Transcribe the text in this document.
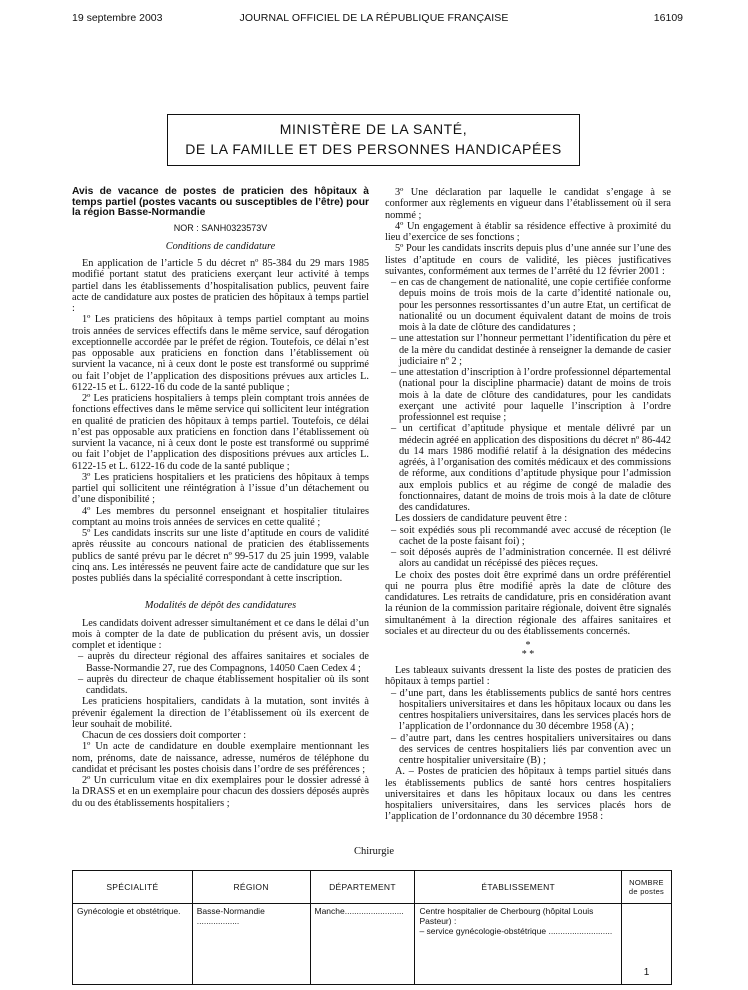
19 septembre 2003	JOURNAL OFFICIEL DE LA RÉPUBLIQUE FRANÇAISE	16109
MINISTÈRE DE LA SANTÉ,
DE LA FAMILLE ET DES PERSONNES HANDICAPÉES
Avis de vacance de postes de praticien des hôpitaux à temps partiel (postes vacants ou susceptibles de l’être) pour la région Basse-Normandie
NOR : SANH0323573V
Conditions de candidature

En application de l’article 5 du décret nº 85-384 du 29 mars 1985 modifié portant statut des praticiens exerçant leur activité à temps partiel dans les établissements d’hospitalisation publics, peuvent faire acte de candidature aux postes de praticien des hôpitaux à temps partiel :

1º Les praticiens des hôpitaux à temps partiel comptant au moins trois années de services effectifs dans le même service, sauf dérogation exceptionnelle accordée par le préfet de région. Toutefois, ce délai n’est pas opposable aux praticiens en fonction dans l’établissement où survient la vacance, ni à ceux dont le poste est transformé ou supprimé ou fait l’objet de l’application des dispositions prévues aux articles L. 6122-15 et L. 6122-16 du code de la santé publique ;

2º Les praticiens hospitaliers à temps plein comptant trois années de fonctions effectives dans le même service qui sollicitent leur intégration en qualité de praticien des hôpitaux à temps partiel. Toutefois, ce délai n’est pas opposable aux praticiens en fonction dans l’établissement où survient la vacance, ni à ceux dont le poste est transformé ou supprimé ou fait l’objet de l’application des dispositions prévues aux articles L. 6122-15 et L. 6122-16 du code de la santé publique ;

3º Les praticiens hospitaliers et les praticiens des hôpitaux à temps partiel qui sollicitent une réintégration à l’issue d’un détachement ou d’une disponibilité ;

4º Les membres du personnel enseignant et hospitalier titulaires comptant au moins trois années de services en cette qualité ;

5º Les candidats inscrits sur une liste d’aptitude en cours de validité après réussite au concours national de praticien des établissements publics de santé prévu par le décret nº 99-517 du 25 juin 1999, valable cinq ans. Les intéressés ne peuvent faire acte de candidature que sur les postes publiés dans la spécialité correspondant à cette inscription.

Modalités de dépôt des candidatures

Les candidats doivent adresser simultanément et ce dans le délai d’un mois à compter de la date de publication du présent avis, un dossier complet et identique :

– auprès du directeur régional des affaires sanitaires et sociales de Basse-Normandie 27, rue des Compagnons, 14050 Caen Cedex 4 ;

– auprès du directeur de chaque établissement hospitalier où ils sont candidats.

Les praticiens hospitaliers, candidats à la mutation, sont invités à prévenir également la direction de l’établissement où ils exercent de leur souhait de mobilité.

Chacun de ces dossiers doit comporter :

1º Un acte de candidature en double exemplaire mentionnant les nom, prénoms, date de naissance, adresse, numéros de téléphone du candidat et précisant les postes choisis dans l’ordre de ses préférences ;

2º Un curriculum vitae en dix exemplaires pour le dossier adressé à la DRASS et en un exemplaire pour chacun des dossiers déposés auprès du ou des établissements hospitaliers ;

3º Une déclaration par laquelle le candidat s’engage à se conformer aux règlements en vigueur dans l’établissement où il sera nommé ;

4º Un engagement à établir sa résidence effective à proximité du lieu d’exercice de ses fonctions ;

5º Pour les candidats inscrits depuis plus d’une année sur l’une des listes d’aptitude en cours de validité, les pièces justificatives suivantes, conformément aux termes de l’arrêté du 12 février 2001 :

– en cas de changement de nationalité, une copie certifiée conforme depuis moins de trois mois de la carte d’identité nationale ou, pour les personnes ressortissantes d’un autre Etat, un certificat de nationalité ou un document équivalent datant de moins de trois mois à la date de clôture des candidatures ;

– une attestation sur l’honneur permettant l’identification du père et de la mère du candidat destinée à renseigner la demande de casier judiciaire nº 2 ;

– une attestation d’inscription à l’ordre professionnel départemental (national pour la discipline pharmacie) datant de moins de trois mois à la date de clôture des candidatures, pour les candidats exerçant une activité pour laquelle l’inscription à l’ordre professionnel est requise ;

– un certificat d’aptitude physique et mentale délivré par un médecin agréé en application des dispositions du décret nº 86-442 du 14 mars 1986 modifié relatif à la désignation des médecins agréés, à l’organisation des comités médicaux et des commissions de réforme, aux conditions d’aptitude physique pour l’admission aux emplois publics et au régime de congé de maladie des fonctionnaires, datant de moins de trois mois à la date de clôture des candidatures.

Les dossiers de candidature peuvent être :

– soit expédiés sous pli recommandé avec accusé de réception (le cachet de la poste faisant foi) ;

– soit déposés auprès de l’administration concernée. Il est délivré alors au candidat un récépissé des pièces reçues.

Le choix des postes doit être exprimé dans un ordre préférentiel qui ne pourra plus être modifié après la date de clôture des candidatures. Les retraits de candidature, pris en considération avant la réunion de la commission paritaire régionale, doivent être signalés simultanément à la direction régionale des affaires sanitaires et sociales et au directeur du ou des établissements concernés.

*
* *

Les tableaux suivants dressent la liste des postes de praticien des hôpitaux à temps partiel :

– d’une part, dans les établissements publics de santé hors centres hospitaliers universitaires et dans les hôpitaux locaux ou dans les centres hospitaliers universitaires, dans les services placés hors de l’application de l’ordonnance du 30 décembre 1958 (A) ;

– d’autre part, dans les centres hospitaliers universitaires ou dans des services de centres hospitaliers liés par convention avec un centre hospitalier universitaire (B) ;

A. – Postes de praticien des hôpitaux à temps partiel situés dans les établissements publics de santé hors centres hospitaliers universitaires et dans les hôpitaux locaux ou dans les centres hospitaliers universitaires, dans les services placés hors de l’application de l’ordonnance du 30 décembre 1958 :

Chirurgie
SPÉCIALITÉ	RÉGION	DÉPARTEMENT	ÉTABLISSEMENT	NOMBRE
de postes

Gynécologie et obstétrique.	Basse-Normandie ..................	Manche.........................	Centre hospitalier de Cherbourg (hôpital Louis Pasteur) :
– service gynécologie-obstétrique ...........................	1
